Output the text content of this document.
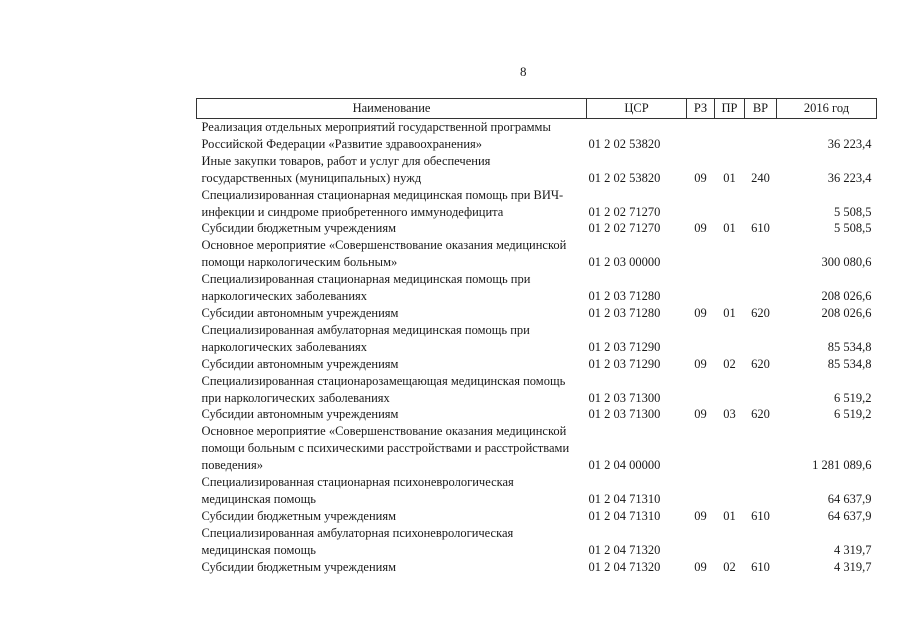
8
Наименование	ЦСР	РЗ	ПР	ВР	2016 год
Реализация отдельных мероприятий государственной программы Российской Федерации «Развитие здравоохранения»	01 2 02 53820				36 223,4
Иные закупки товаров, работ и услуг для обеспечения государственных (муниципальных) нужд	01 2 02 53820	09	01	240	36 223,4
Специализированная стационарная медицинская помощь при ВИЧ-инфекции и синдроме приобретенного иммунодефицита	01 2 02 71270				5 508,5
Субсидии бюджетным учреждениям	01 2 02 71270	09	01	610	5 508,5
Основное мероприятие «Совершенствование оказания медицинской помощи наркологическим больным»	01 2 03 00000				300 080,6
Специализированная стационарная медицинская помощь при наркологических заболеваниях	01 2 03 71280				208 026,6
Субсидии автономным учреждениям	01 2 03 71280	09	01	620	208 026,6
Специализированная амбулаторная медицинская помощь при наркологических заболеваниях	01 2 03 71290				85 534,8
Субсидии автономным учреждениям	01 2 03 71290	09	02	620	85 534,8
Специализированная стационарозамещающая медицинская помощь при наркологических заболеваниях	01 2 03 71300				6 519,2
Субсидии автономным учреждениям	01 2 03 71300	09	03	620	6 519,2
Основное мероприятие «Совершенствование оказания медицинской помощи больным с психическими расстройствами и расстройствами поведения»	01 2 04 00000				1 281 089,6
Специализированная стационарная психоневрологическая медицинская помощь	01 2 04 71310				64 637,9
Субсидии бюджетным учреждениям	01 2 04 71310	09	01	610	64 637,9
Специализированная амбулаторная психоневрологическая медицинская помощь	01 2 04 71320				4 319,7
Субсидии бюджетным учреждениям	01 2 04 71320	09	02	610	4 319,7
